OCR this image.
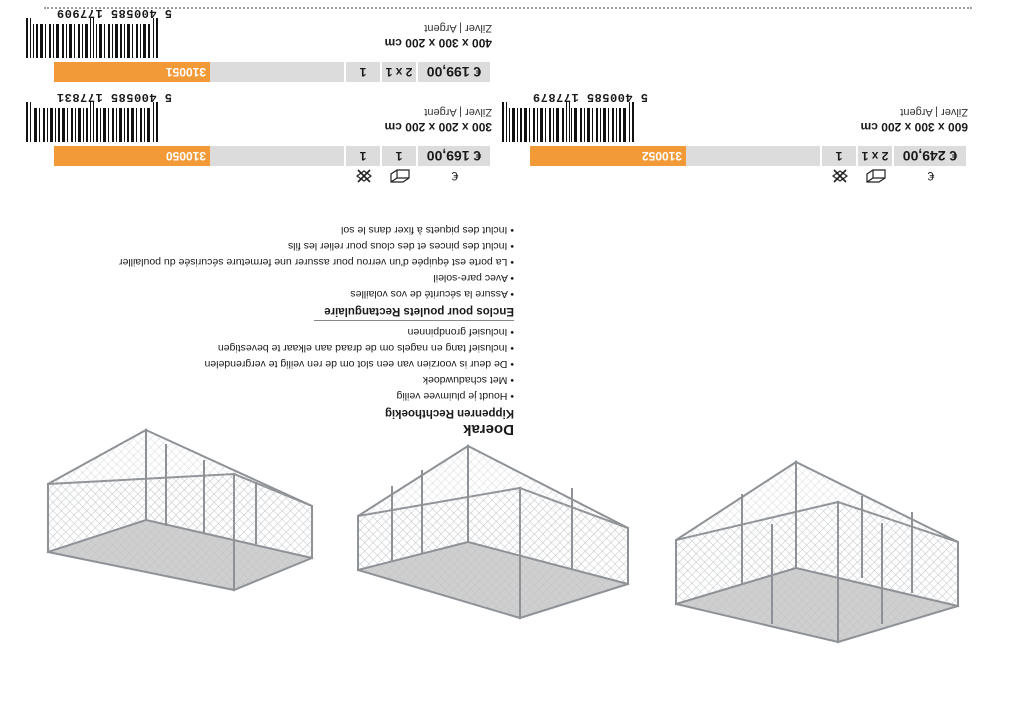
5 400585 177831
300 x 200 x 200 cm
Zilver | Argent
€ 169,00
1
1
310050
€
5 400585 177909
400 x 300 x 200 cm
Zilver | Argent
€ 199,00
2 x 1
1
310051
5 400585 177879
600 x 300 x 200 cm
Zilver | Argent
€ 249,00
2 x 1
1
310052
€
Doerak
Kippenren Rechthoekig
• Houdt je pluimvee veilig
• Met schaduwdoek
• De deur is voorzien van een slot om de ren veilig te vergrendelen
• Inclusief tang en nagels om de draad aan elkaar te bevestigen
• Inclusief grondpinnen
Enclos pour poulets Rectangulaire
• Assure la sécurité de vos volailles
• Avec pare-soleil
• La porte est équipée d'un verrou pour assurer une fermeture sécurisée du poulailler
• Inclut des pinces et des clous pour relier les fils
• Inclut des piquets à fixer dans le sol
